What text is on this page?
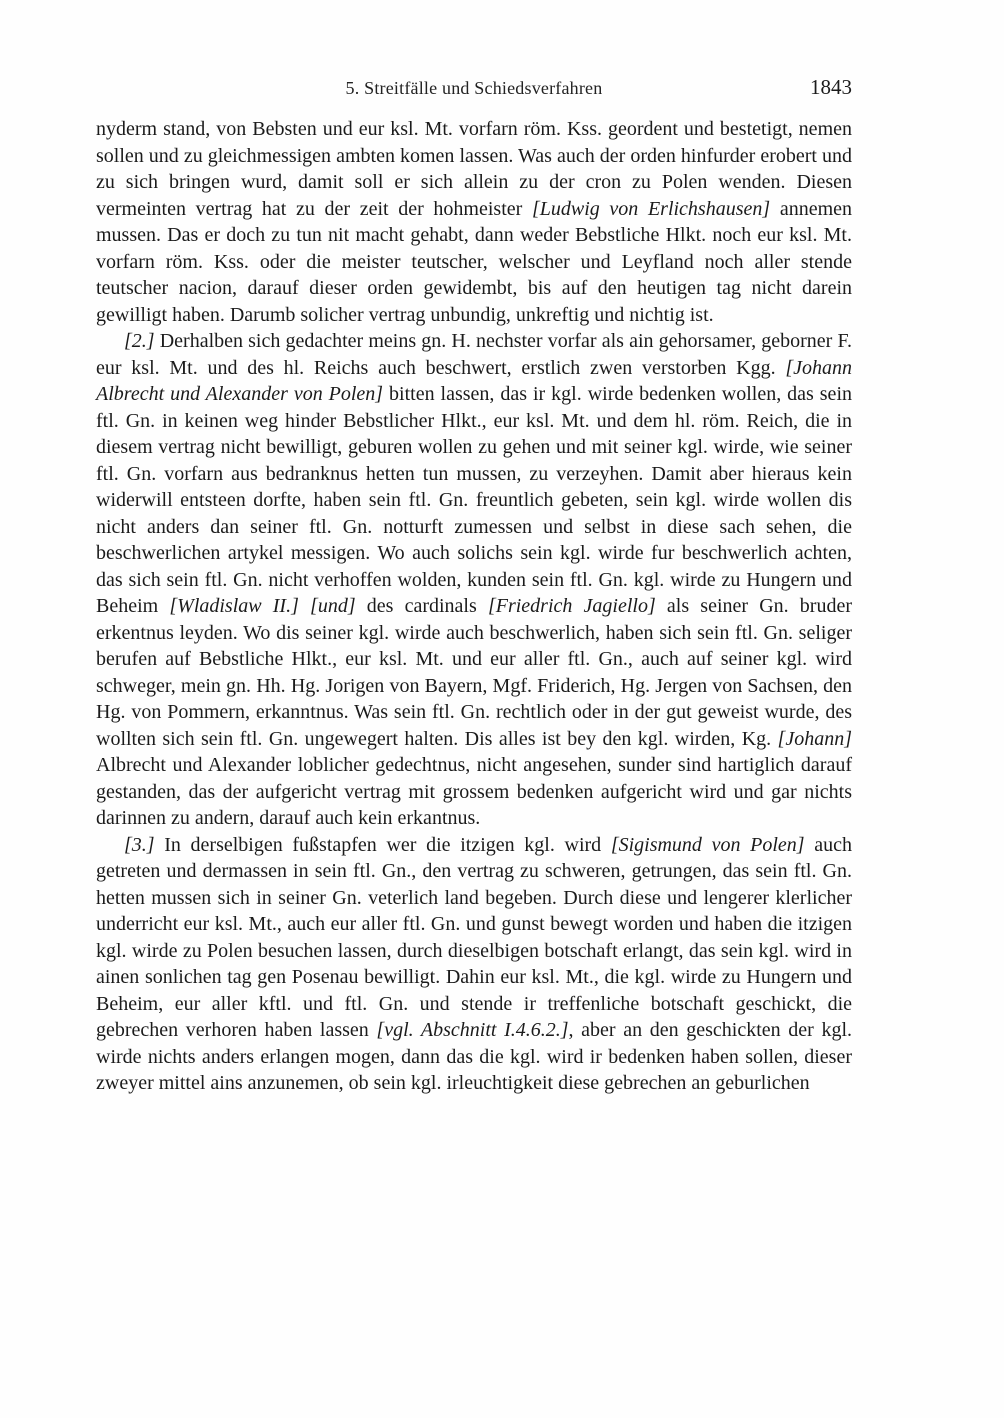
5. Streitfälle und Schiedsverfahren	1843

nyderm stand, von Bebsten und eur ksl. Mt. vorfarn röm. Kss. geordent und bestetigt, nemen sollen und zu gleichmessigen ambten komen lassen. Was auch der orden hinfurder erobert und zu sich bringen wurd, damit soll er sich allein zu der cron zu Polen wenden. Diesen vermeinten vertrag hat zu der zeit der hohmeister [Ludwig von Erlichshausen] annemen mussen. Das er doch zu tun nit macht gehabt, dann weder Bebstliche Hlkt. noch eur ksl. Mt. vorfarn röm. Kss. oder die meister teutscher, welscher und Leyfland noch aller stende teutscher nacion, darauf dieser orden gewidembt, bis auf den heutigen tag nicht darein gewilligt haben. Darumb solicher vertrag unbundig, unkreftig und nichtig ist.

[2.] Derhalben sich gedachter meins gn. H. nechster vorfar als ain gehorsamer, geborner F. eur ksl. Mt. und des hl. Reichs auch beschwert, erstlich zwen verstorben Kgg. [Johann Albrecht und Alexander von Polen] bitten lassen, das ir kgl. wirde bedenken wollen, das sein ftl. Gn. in keinen weg hinder Bebstlicher Hlkt., eur ksl. Mt. und dem hl. röm. Reich, die in diesem vertrag nicht bewilligt, geburen wollen zu gehen und mit seiner kgl. wirde, wie seiner ftl. Gn. vorfarn aus bedranknus hetten tun mussen, zu verzeyhen. Damit aber hieraus kein widerwill entsteen dorfte, haben sein ftl. Gn. freuntlich gebeten, sein kgl. wirde wollen dis nicht anders dan seiner ftl. Gn. notturft zumessen und selbst in diese sach sehen, die beschwerlichen artykel messigen. Wo auch solichs sein kgl. wirde fur beschwerlich achten, das sich sein ftl. Gn. nicht verhoffen wolden, kunden sein ftl. Gn. kgl. wirde zu Hungern und Beheim [Wladislaw II.] [und] des cardinals [Friedrich Jagiello] als seiner Gn. bruder erkentnus leyden. Wo dis seiner kgl. wirde auch beschwerlich, haben sich sein ftl. Gn. seliger berufen auf Bebstliche Hlkt., eur ksl. Mt. und eur aller ftl. Gn., auch auf seiner kgl. wird schweger, mein gn. Hh. Hg. Jorigen von Bayern, Mgf. Friderich, Hg. Jergen von Sachsen, den Hg. von Pommern, erkanntnus. Was sein ftl. Gn. rechtlich oder in der gut geweist wurde, des wollten sich sein ftl. Gn. ungewegert halten. Dis alles ist bey den kgl. wirden, Kg. [Johann] Albrecht und Alexander loblicher gedechtnus, nicht angesehen, sunder sind hartiglich darauf gestanden, das der aufgericht vertrag mit grossem bedenken aufgericht wird und gar nichts darinnen zu andern, darauf auch kein erkantnus.

[3.] In derselbigen fußstapfen wer die itzigen kgl. wird [Sigismund von Polen] auch getreten und dermassen in sein ftl. Gn., den vertrag zu schweren, getrungen, das sein ftl. Gn. hetten mussen sich in seiner Gn. veterlich land begeben. Durch diese und lengerer klerlicher underricht eur ksl. Mt., auch eur aller ftl. Gn. und gunst bewegt worden und haben die itzigen kgl. wirde zu Polen besuchen lassen, durch dieselbigen botschaft erlangt, das sein kgl. wird in ainen sonlichen tag gen Posenau bewilligt. Dahin eur ksl. Mt., die kgl. wirde zu Hungern und Beheim, eur aller kftl. und ftl. Gn. und stende ir treffenliche botschaft geschickt, die gebrechen verhoren haben lassen [vgl. Abschnitt I.4.6.2.], aber an den geschickten der kgl. wirde nichts anders erlangen mogen, dann das die kgl. wird ir bedenken haben sollen, dieser zweyer mittel ains anzunemen, ob sein kgl. irleuchtigkeit diese gebrechen an geburlichen
